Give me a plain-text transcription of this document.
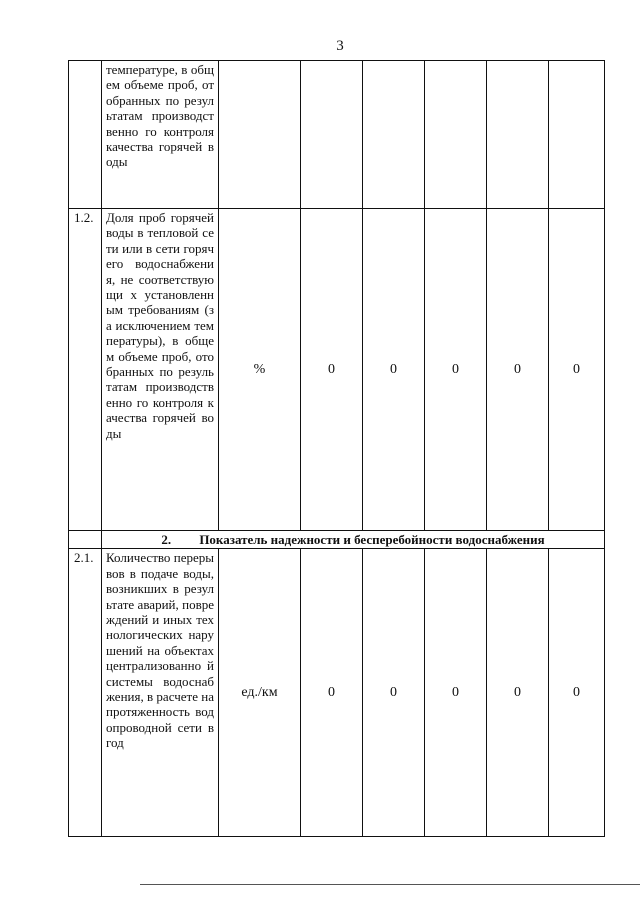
3
	температуре, в общем объеме проб, отобранных по результатам производственно го контроля качества горячей воды						
1.2.	Доля проб горячей воды в тепловой сети или в сети горячего водоснабжения, не соответствующи х установленным требованиям (за исключением температуры), в общем объеме проб, отобранных по результатам производственно го контроля качества горячей воды	%	0	0	0	0	0
	2. Показатель надежности и бесперебойности водоснабжения						
2.1.	Количество перерывов в подаче воды, возникших в результате аварий, повреждений и иных технологических нарушений на объектах централизованно й системы водоснабжения, в расчете на протяженность водопроводной сети в год	ед./км	0	0	0	0	0
